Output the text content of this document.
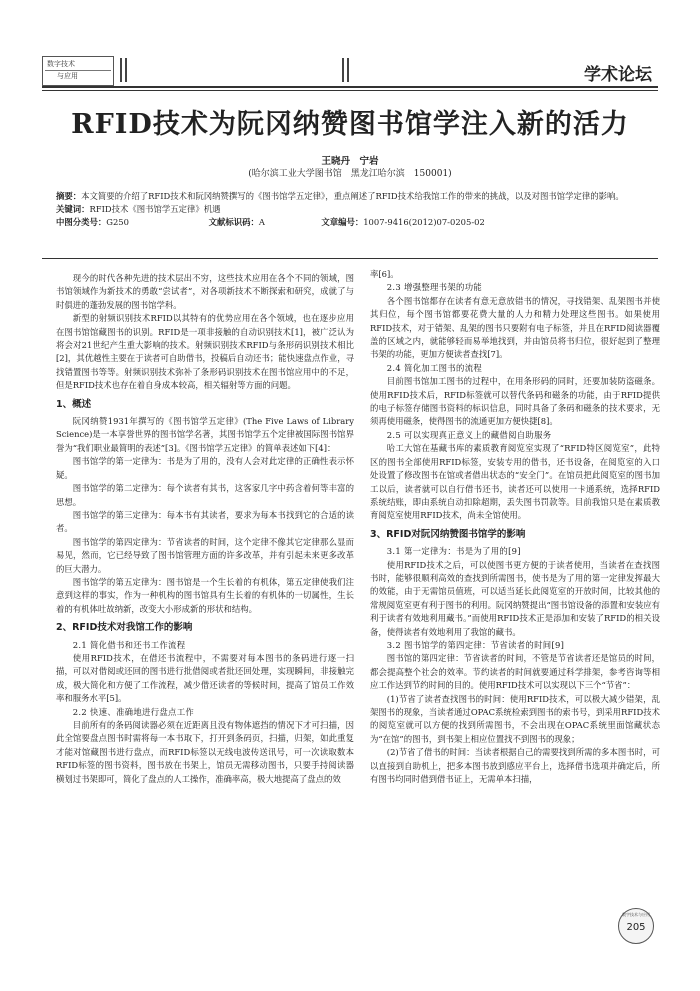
数字技术
与应用	学术论坛
RFID技术为阮冈纳赞图书馆学注入新的活力
王晓丹　宁岩
(哈尔滨工业大学图书馆　黑龙江哈尔滨　150001)
摘要：本文简要的介绍了RFID技术和阮冈纳赞撰写的《图书馆学五定律》，重点阐述了RFID技术给我馆工作的带来的挑战，以及对图书馆学定律的影响。
关键词：RFID技术《图书馆学五定律》机遇
中图分类号：G250	文献标识码：A	文章编号：1007-9416(2012)07-0205-02

现今的时代各种先进的技术层出不穷，这些技术应用在各个不同的领域，图书馆领域作为新技术的勇敢“尝试者”，对各项新技术不断探索和研究，成就了与时俱进的蓬勃发展的图书馆学科。

新型的射频识别技术RFID以其特有的优势应用在各个领域，也在逐步应用在图书馆馆藏图书的识别。RFID是一项非接触的自动识别技术[1]，被广泛认为将会对21世纪产生重大影响的技术。射频识别技术RFID与条形码识别技术相比[2]，其优越性主要在于读者可自助借书，投稿后自动还书；能快速盘点作业，寻找错置图书等等。射频识别技术弥补了条形码识别技术在图书馆应用中的不足，但是RFID技术也存在着自身成本较高，相关辐射等方面的问题。

1、概述

阮冈纳赞1931年撰写的《图书馆学五定律》(The Five Laws of Library Science)是一本享誉世界的图书馆学名著，其图书馆学五个定律被国际图书馆界誉为“我们职业最简明的表述”[3]。《图书馆学五定律》的简单表述如下[4]：

图书馆学的第一定律为：书是为了用的，没有人会对此定律的正确性表示怀疑。

图书馆学的第二定律为：每个读者有其书，这客家几字中药含着何等丰富的思想。

图书馆学的第三定律为：每本书有其读者，要求为每本书找到它的合适的读者。

图书馆学的第四定律为：节省读者的时间，这个定律不像其它定律那么显而易见，然而，它已经导致了图书馆管理方面的许多改革，并有引起未来更多改革的巨大潜力。

图书馆学的第五定律为：图书馆是一个生长着的有机体，第五定律使我们注意到这样的事实，作为一种机构的图书馆具有生长着的有机体的一切属性，生长着的有机体吐故纳新，改变大小形成新的形状和结构。

2、RFID技术对我馆工作的影响
2.1 简化借书和还书工作流程

使用RFID技术，在借还书流程中，不需要对每本图书的条码进行逐一扫描，可以对借阅或还回的图书进行批借阅或者批还回处理，实现瞬间，非接触完成，极大简化和方便了工作流程，减少借还读者的等候时间，提高了馆员工作效率和服务水平[5]。

2.2 快速、准确地进行盘点工作

目前所有的条码阅读器必须在近距离且没有物体遮挡的情况下才可扫描，因此全馆要盘点图书时需将每一本书取下，打开到条码页，扫描，归架，如此重复才能对馆藏图书进行盘点，而RFID标签以无线电波传送讯号，可一次读取数本RFID标签的图书资料，图书放在书架上，馆员无需移动图书，只要手持阅读器横划过书架即可，简化了盘点的人工操作，准确率高，极大地提高了盘点的效

率[6]。

2.3 增强整理书架的功能

各个图书馆都存在读者有意无意放错书的情况，寻找错架、乱架图书并使其归位，每个图书馆都要花费大量的人力和精力处理这些图书。如果使用RFID技术，对于错架、乱架的图书只要附有电子标签，并且在RFID阅读器覆盖的区域之内，就能够轻而易举地找到，并由馆员将书归位，很好起到了整理书架的功能，更加方便读者查找[7]。

2.4 简化加工图书的流程

目前图书馆加工图书的过程中，在用条形码的同时，还要加装防盗磁条。使用RFID技术后，RFID标签就可以替代条码和磁条的功能，由于RFID提供的电子标签存储图书资料的标识信息，同时具备了条码和磁条的技术要求，无须再使用磁条，使得图书的流通更加方便快捷[8]。

2.5 可以实现真正意义上的藏借阅自助服务

哈工大馆在基藏书库的素质教育阅览室实现了“RFID特区阅览室”，此特区的图书全部使用RFID标签，安装专用的借书，还书设备，在阅览室的入口处设置了修改图书在馆或者借出状态的“安全门”。在馆员把此阅览室的图书加工以后，读者就可以自行借书还书，读者还可以使用一卡通系统，选择RFID系统结账，即由系统自动扣除超期，丢失图书罚款等。目前我馆只是在素质教育阅览室使用RFID技术，尚未全馆使用。

3、RFID对阮冈纳赞图书馆学的影响
3.1 第一定律为：书是为了用的[9]

使用RFID技术之后，可以使图书更方便的于读者使用，当读者在查找图书时，能够很顺利高效的查找到所需图书，使书是为了用的第一定律发挥最大的效能，由于无需馆员值班，可以适当延长此阅览室的开放时间，比较其他的常规阅览室更有利于图书的利用。阮冈纳赞提出“图书馆设备的添置和安装应有利于读者有效地利用藏书。”而使用RFID技术正是添加和安装了RFID的相关设备，使得读者有效地利用了我馆的藏书。

3.2 图书馆学的第四定律：节省读者的时间[9]

图书馆的第四定律：节省读者的时间，不管是节省读者还是馆员的时间，都会提高整个社会的效率。节约读者的时间就要通过科学排架，参考咨询等相应工作达到节约时间的目的。使用RFID技术可以实现以下三个“节省”：

(1)节省了读者查找图书的时间：使用RFID技术，可以极大减少错架，乱架图书的现象，当读者通过OPAC系统检索到图书的索书号，到采用RFID技术的阅览室就可以方便的找到所需图书，不会出现在OPAC系统里面馆藏状态为“在馆”的图书，到书架上相应位置找不到图书的现象；

(2)节省了借书的时间：当读者根据自己的需要找到所需的多本图书时，可以直接到自助机上，把多本图书放到感应平台上，选择借书选项并确定后，所有图书均同时借到借书证上，无需单本扫描，

数字技术与应用
205
